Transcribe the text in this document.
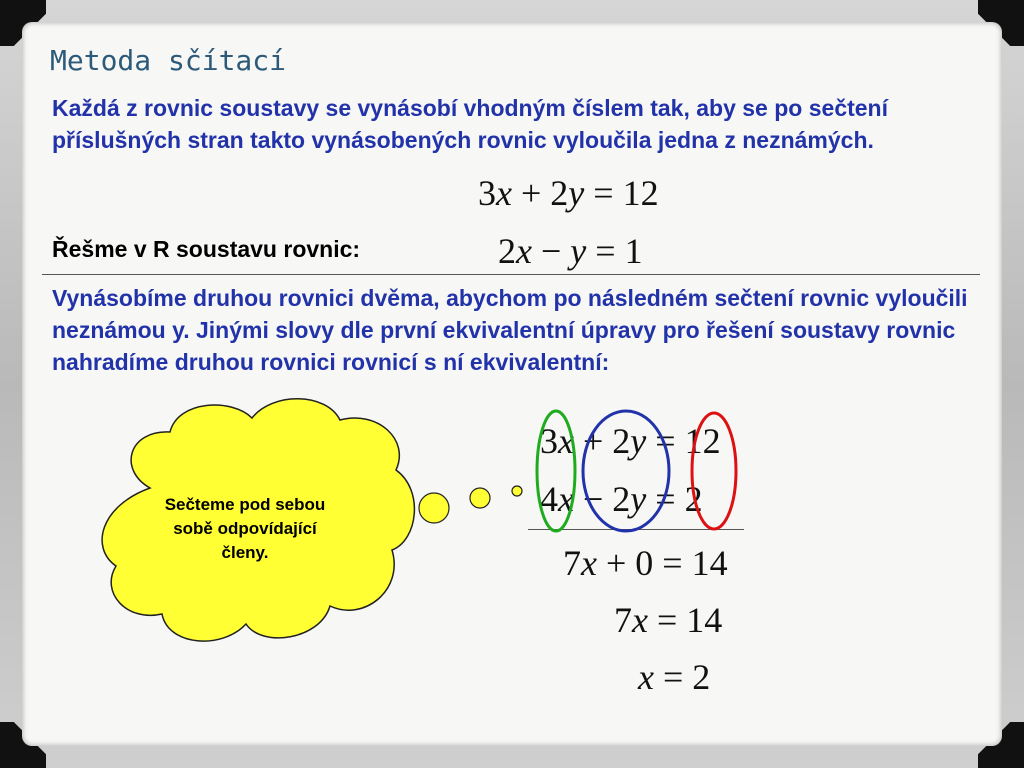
Metoda sčítací

Každá z rovnic soustavy se vynásobí vhodným číslem tak, aby se po sečtení příslušných stran takto vynásobených rovnic vyloučila jedna z neznámých.

3x + 2y = 12

Řešme v R soustavu rovnic:	2x − y = 1

Vynásobíme druhou rovnici dvěma, abychom po následném sečtení rovnic vyloučili neznámou y. Jinými slovy dle první ekvivalentní úpravy pro řešení soustavy rovnic nahradíme druhou rovnici rovnicí s ní ekvivalentní:

3x + 2y = 12

4x − 2y = 2

7x + 0 = 14

7x = 14

x = 2

Sečteme pod sebou sobě odpovídající členy.
